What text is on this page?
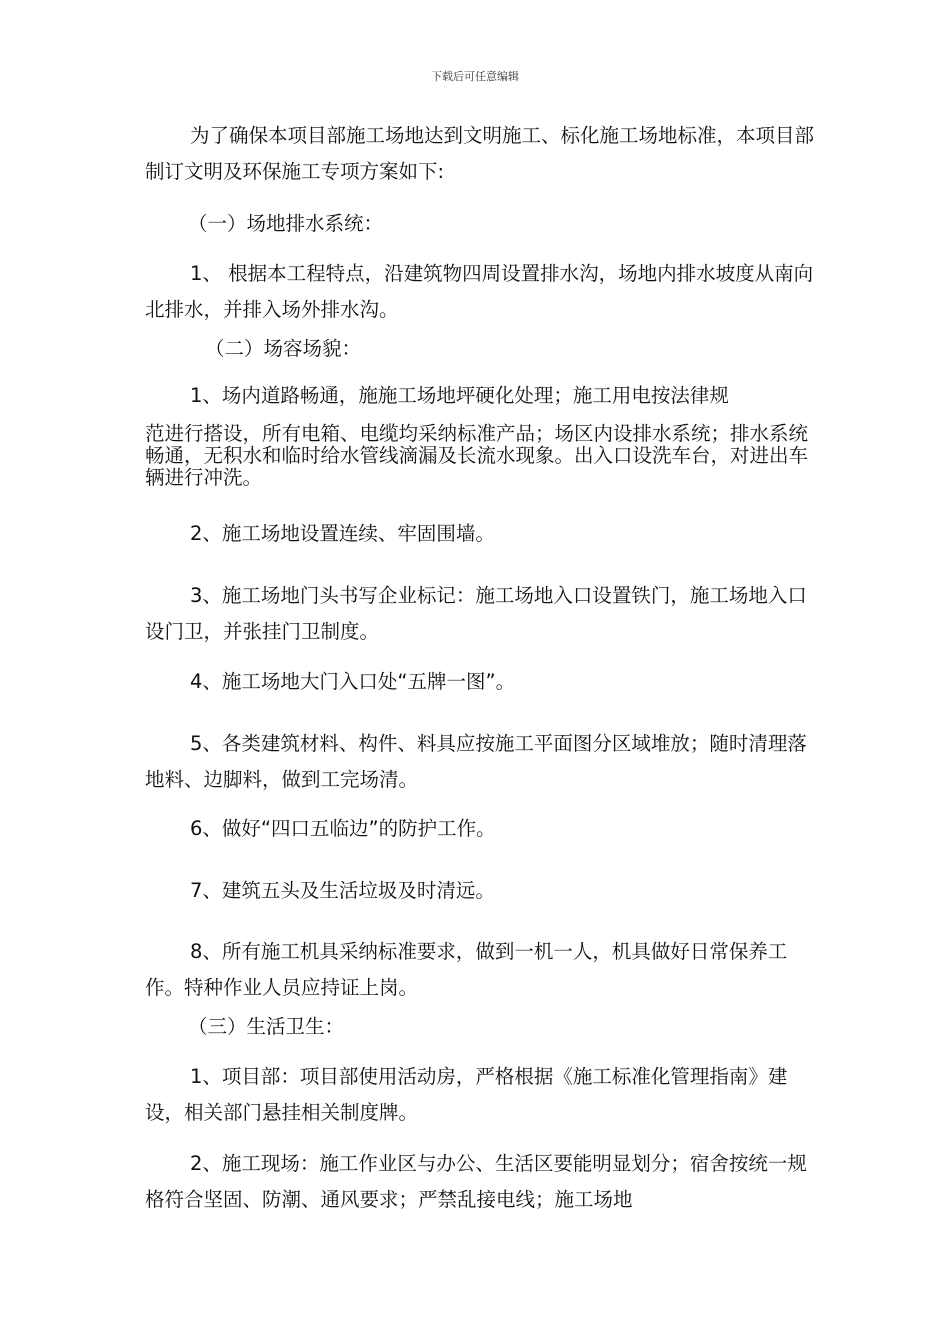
下载后可任意编辑

为了确保本项目部施工场地达到文明施工、标化施工场地标准，本项目部制订文明及环保施工专项方案如下:

（一）场地排水系统：

1、 根据本工程特点，沿建筑物四周设置排水沟，场地内排水坡度从南向北排水，并排入场外排水沟。

（二）场容场貌：

1、场内道路畅通，施施工场地坪硬化处理；施工用电按法律规

范进行搭设，所有电箱、电缆均采纳标准产品；场区内设排水系统；排水系统畅通，无积水和临时给水管线滴漏及长流水现象。出入口设洗车台，对进出车辆进行冲洗。

2、施工场地设置连续、牢固围墙。

3、施工场地门头书写企业标记：施工场地入口设置铁门，施工场地入口设门卫，并张挂门卫制度。

4、施工场地大门入口处“五牌一图”。

5、各类建筑材料、构件、料具应按施工平面图分区域堆放；随时清理落地料、边脚料，做到工完场清。

6、做好“四口五临边”的防护工作。

7、建筑五头及生活垃圾及时清远。

8、所有施工机具采纳标准要求，做到一机一人，机具做好日常保养工作。特种作业人员应持证上岗。

（三）生活卫生：

1、项目部：项目部使用活动房，严格根据《施工标准化管理指南》建设，相关部门悬挂相关制度牌。

2、施工现场：施工作业区与办公、生活区要能明显划分；宿舍按统一规格符合坚固、防潮、通风要求；严禁乱接电线；施工场地
